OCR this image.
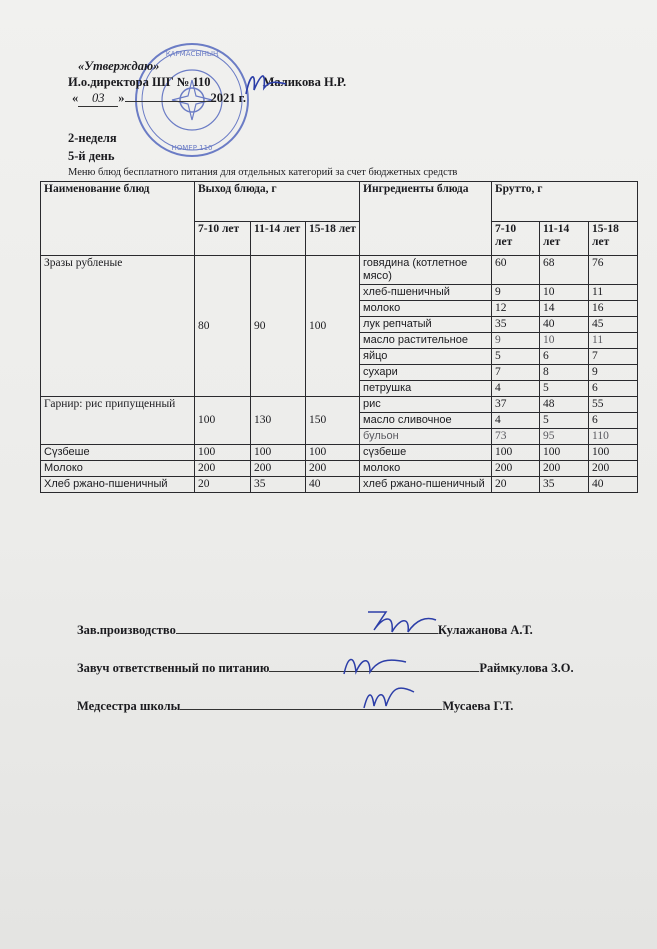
ҚАРМАСЫНЫҢ
НОМЕР 110
«Утверждаю»
И.о.директора ШГ № 110	Маликова Н.Р.
« 03 »	2021 г.
2-неделя
5-й день
Меню блюд бесплатного питания для отдельных категорий за счет бюджетных средств
Наименование блюд	Выход блюда, г			Ингредиенты блюда	Брутто, г		
	7-10 лет	11-14 лет	15-18 лет		7-10 лет	11-14 лет	15-18 лет
Зразы рубленые	80	90	100	говядина (котлетное мясо)	60	68	76
				хлеб-пшеничный	9	10	11
				молоко	12	14	16
				лук репчатый	35	40	45
				масло растительное	9	10	11
				яйцо	5	6	7
				сухари	7	8	9
				петрушка	4	5	6
Гарнир: рис припущенный	100	130	150	рис	37	48	55
				масло сливочное	4	5	6
				бульон	73	95	110
Сүзбеше	100	100	100	сүзбеше	100	100	100
Молоко	200	200	200	молоко	200	200	200
Хлеб ржано-пшеничный	20	35	40	хлеб ржано-пшеничный	20	35	40
Зав.производство	Кулажанова А.Т.
Завуч ответственный по питанию	Раймкулова З.О.
Медсестра школы	Мусаева Г.Т.
